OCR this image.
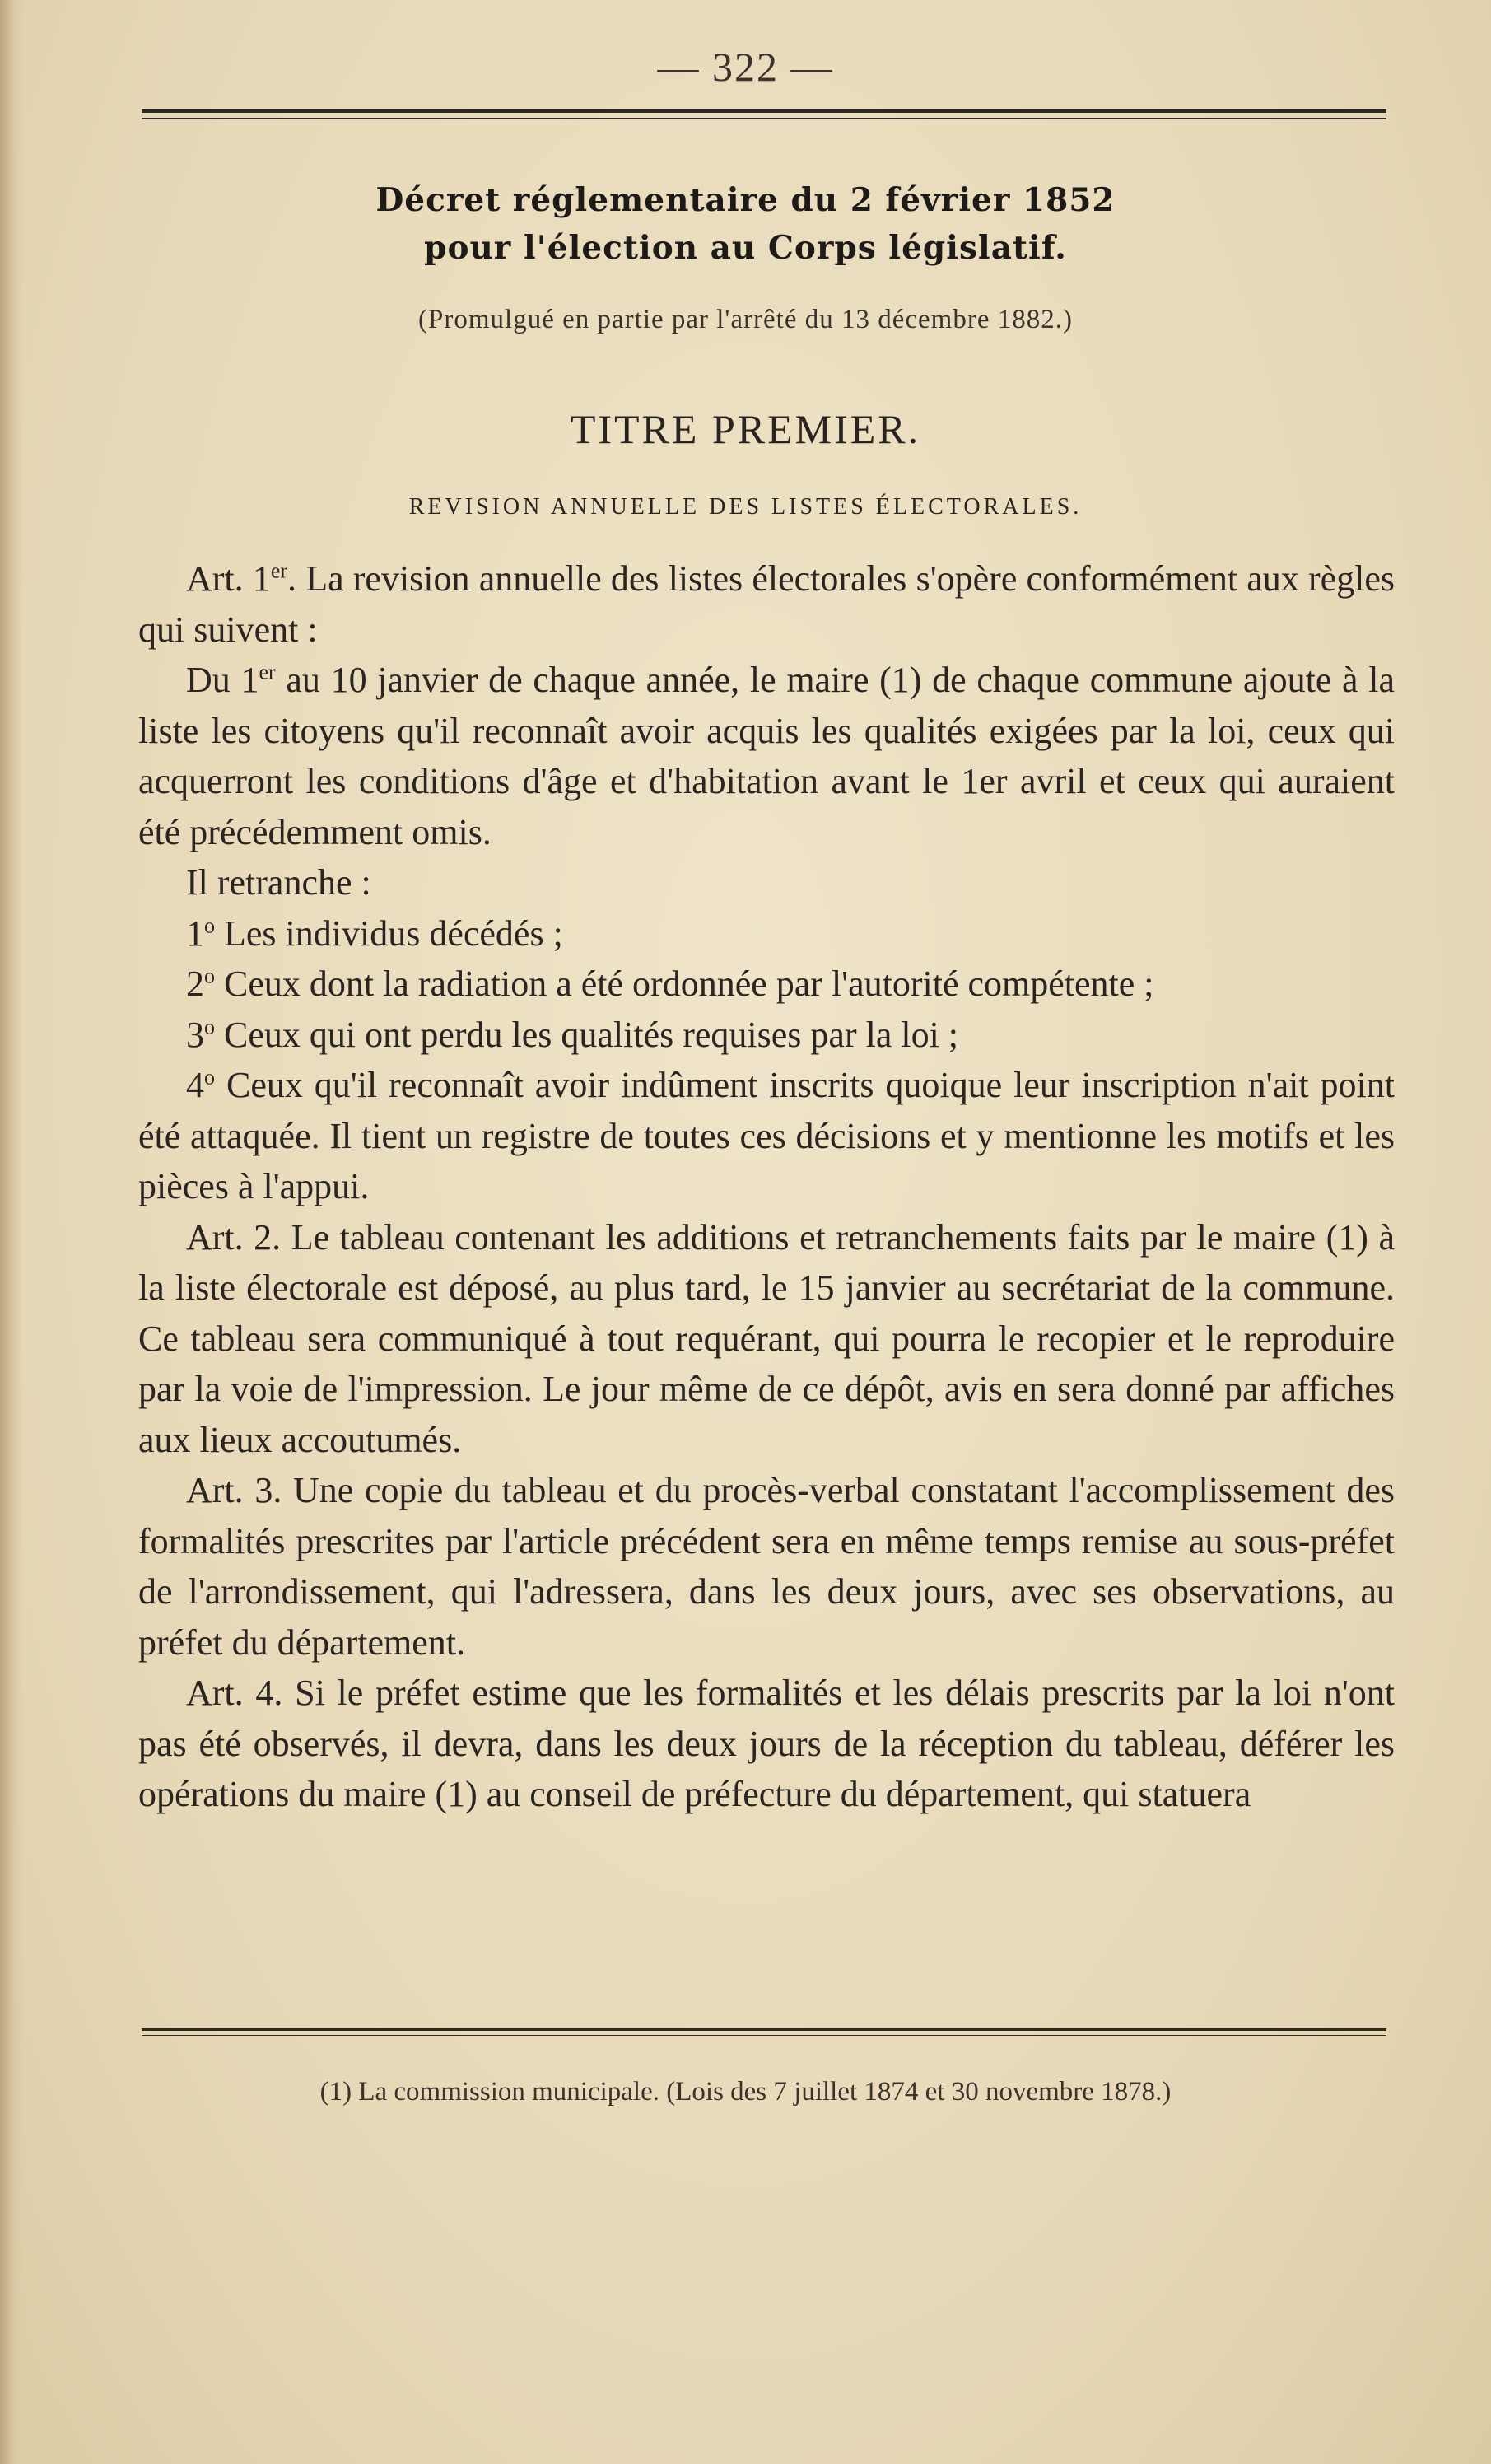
— 322 —
Décret réglementaire du 2 février 1852
pour l'élection au Corps législatif.
(Promulgué en partie par l'arrêté du 13 décembre 1882.)
TITRE PREMIER.
REVISION ANNUELLE DES LISTES ÉLECTORALES.

Art. 1er. La revision annuelle des listes électorales s'opère conformément aux règles qui suivent :

Du 1er au 10 janvier de chaque année, le maire (1) de chaque commune ajoute à la liste les citoyens qu'il reconnaît avoir acquis les qualités exigées par la loi, ceux qui acquerront les conditions d'âge et d'habitation avant le 1er avril et ceux qui auraient été précédemment omis.

Il retranche :

1$^o$ Les individus décédés ;

2$^o$ Ceux dont la radiation a été ordonnée par l'autorité compétente ;

3$^o$ Ceux qui ont perdu les qualités requises par la loi ;

4$^o$ Ceux qu'il reconnaît avoir indûment inscrits quoique leur inscription n'ait point été attaquée. Il tient un registre de toutes ces décisions et y mentionne les motifs et les pièces à l'appui.

Art. 2. Le tableau contenant les additions et retranchements faits par le maire (1) à la liste électorale est déposé, au plus tard, le 15 janvier au secrétariat de la commune. Ce tableau sera communiqué à tout requérant, qui pourra le recopier et le reproduire par la voie de l'impression. Le jour même de ce dépôt, avis en sera donné par affiches aux lieux accoutumés.

Art. 3. Une copie du tableau et du procès-verbal constatant l'accomplissement des formalités prescrites par l'article précédent sera en même temps remise au sous-préfet de l'arrondissement, qui l'adressera, dans les deux jours, avec ses observations, au préfet du département.

Art. 4. Si le préfet estime que les formalités et les délais prescrits par la loi n'ont pas été observés, il devra, dans les deux jours de la réception du tableau, déférer les opérations du maire (1) au conseil de préfecture du département, qui statuera

(1) La commission municipale. (Lois des 7 juillet 1874 et 30 novembre 1878.)
